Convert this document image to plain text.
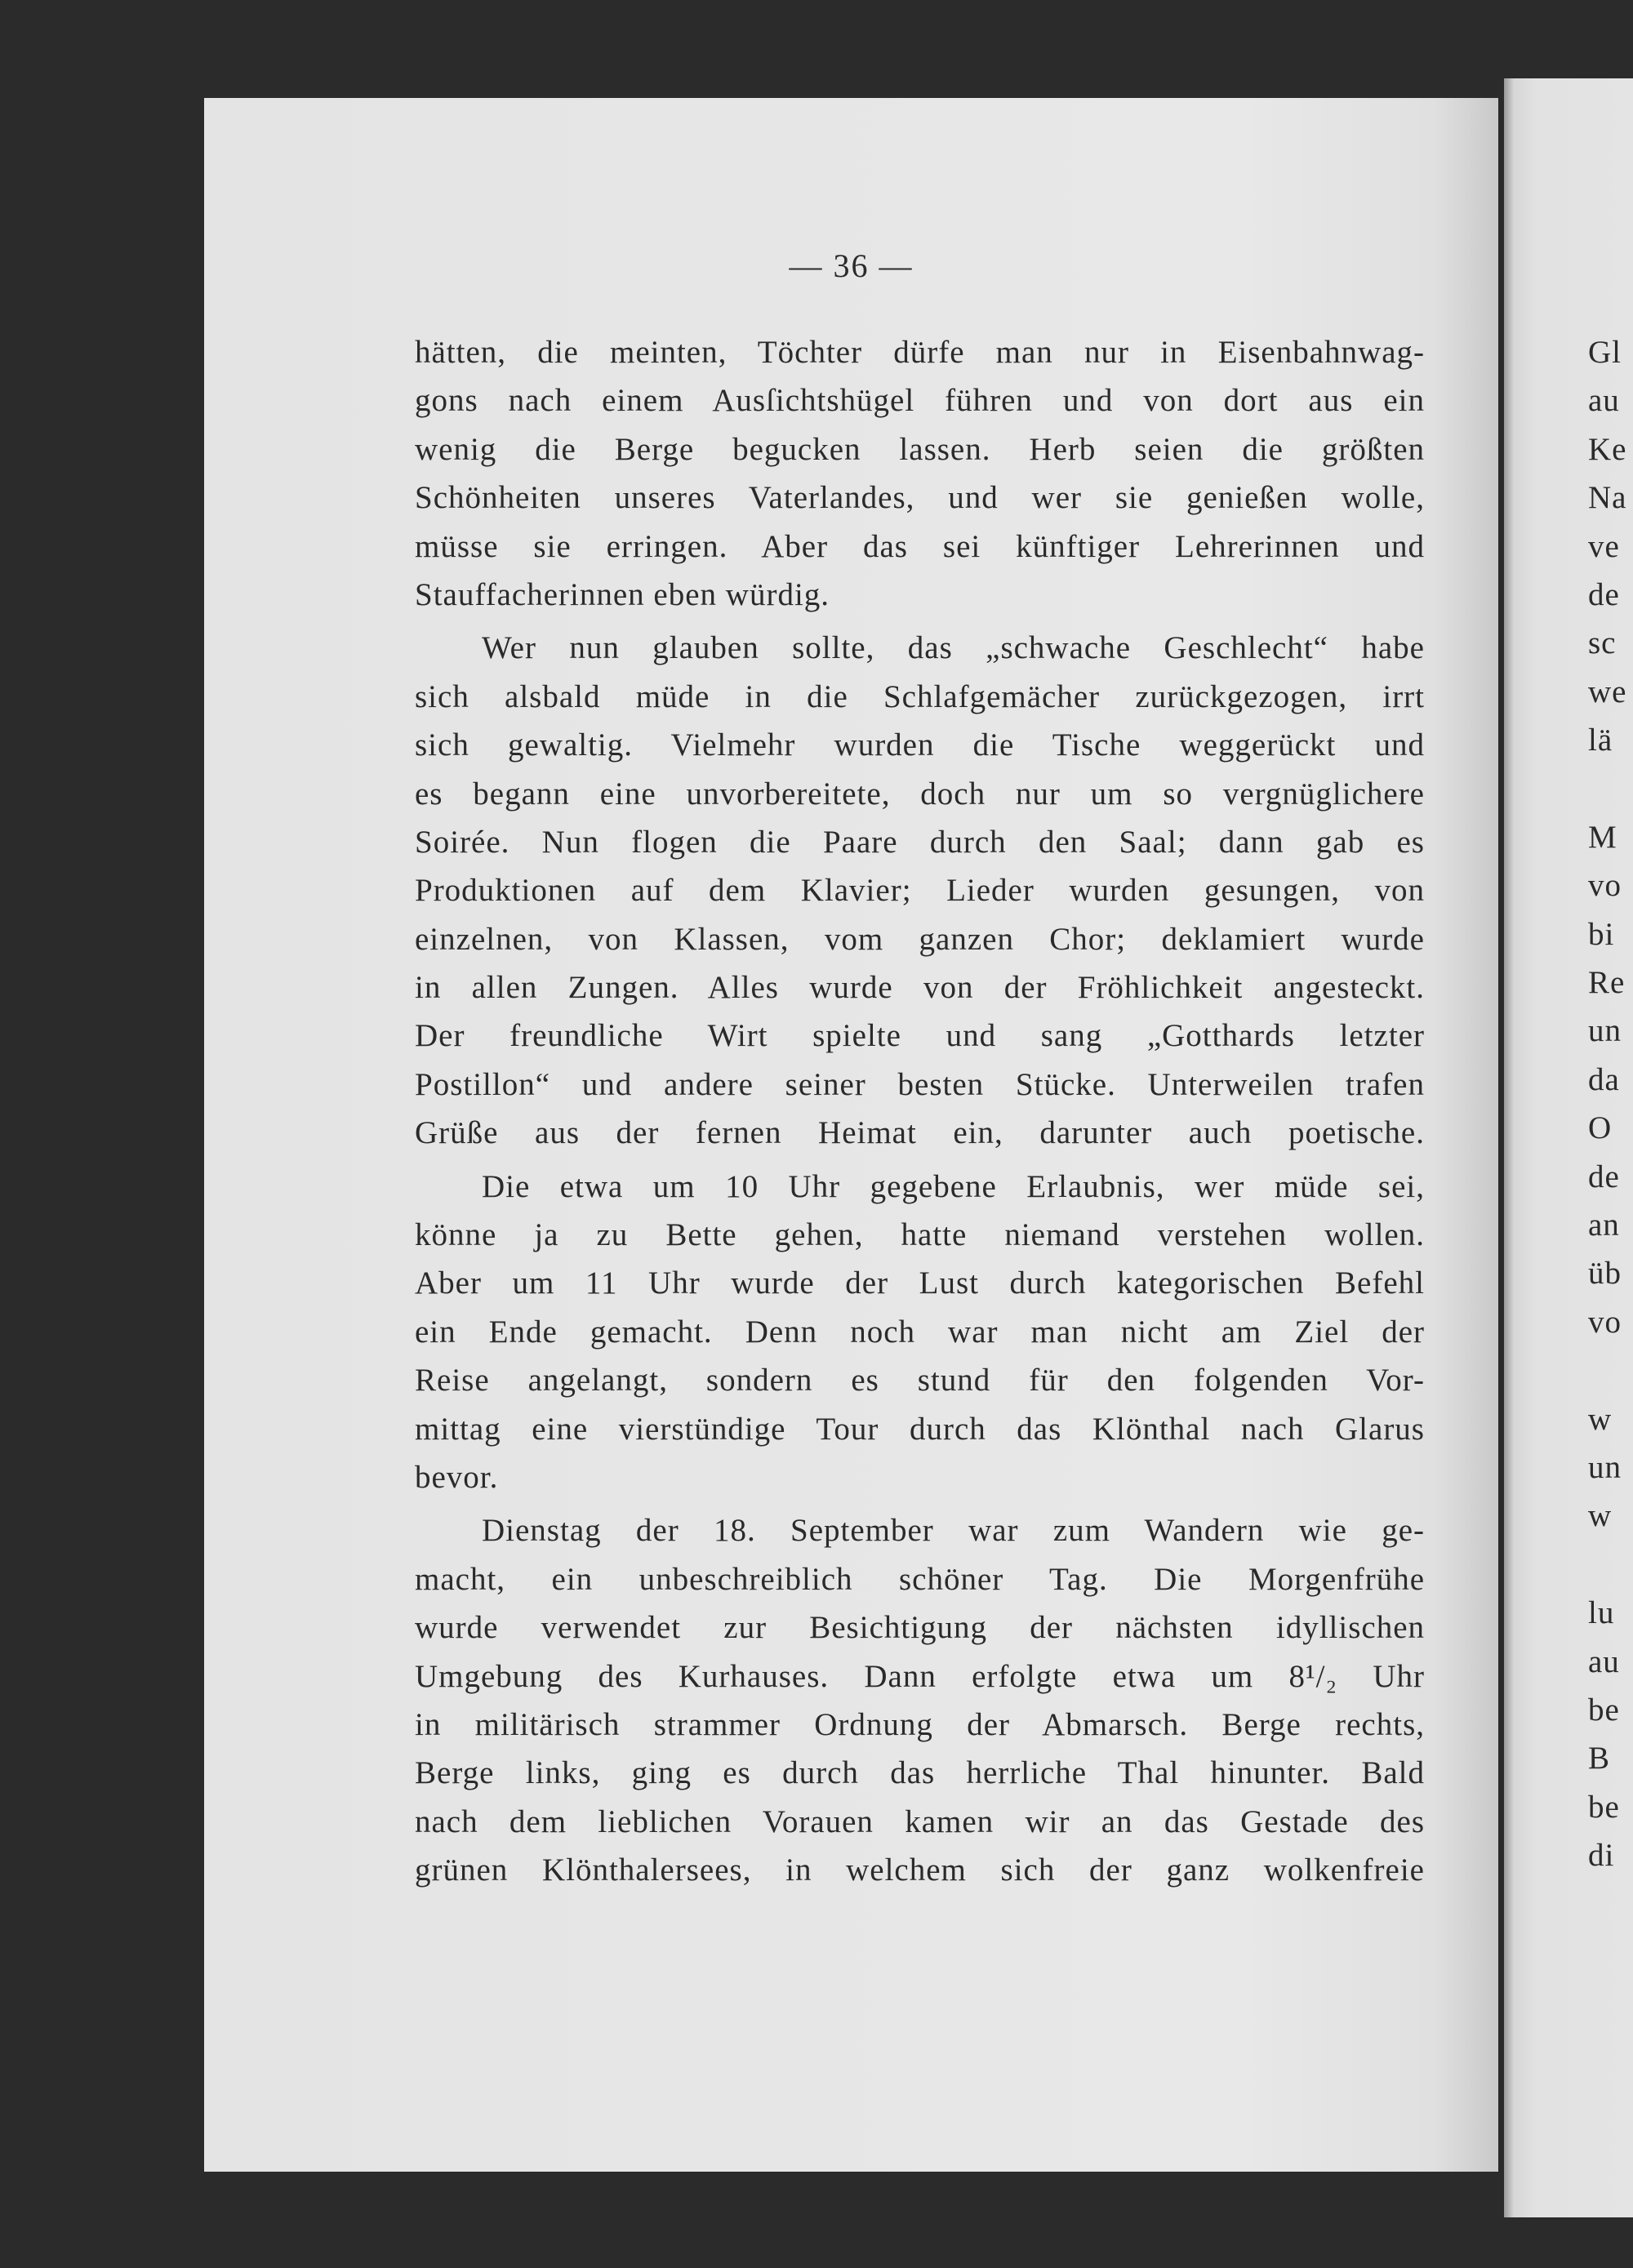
— 36 —
hätten, die meinten, Töchter dürfe man nur in Eisenbahnwag-
gons nach einem Ausſichtshügel führen und von dort aus ein
wenig die Berge begucken lassen. Herb seien die größten
Schönheiten unseres Vaterlandes, und wer sie genießen wolle,
müsse sie erringen. Aber das sei künftiger Lehrerinnen und
Stauffacherinnen eben würdig.
Wer nun glauben sollte, das „schwache Geschlecht“ habe
sich alsbald müde in die Schlafgemächer zurückgezogen, irrt
sich gewaltig. Vielmehr wurden die Tische weggerückt und
es begann eine unvorbereitete, doch nur um so vergnüglichere
Soirée. Nun flogen die Paare durch den Saal; dann gab es
Produktionen auf dem Klavier; Lieder wurden gesungen, von
einzelnen, von Klassen, vom ganzen Chor; deklamiert wurde
in allen Zungen. Alles wurde von der Fröhlichkeit angesteckt.
Der freundliche Wirt spielte und sang „Gotthards letzter
Postillon“ und andere seiner besten Stücke. Unterweilen trafen
Grüße aus der fernen Heimat ein, darunter auch poetische.
Die etwa um 10 Uhr gegebene Erlaubnis, wer müde sei,
könne ja zu Bette gehen, hatte niemand verstehen wollen.
Aber um 11 Uhr wurde der Lust durch kategorischen Befehl
ein Ende gemacht. Denn noch war man nicht am Ziel der
Reise angelangt, sondern es stund für den folgenden Vor-
mittag eine vierstündige Tour durch das Klönthal nach Glarus
bevor.
Dienstag der 18. September war zum Wandern wie ge-
macht, ein unbeschreiblich schöner Tag. Die Morgenfrühe
wurde verwendet zur Besichtigung der nächsten idyllischen
Umgebung des Kurhauses. Dann erfolgte etwa um 8¹/₂ Uhr
in militärisch strammer Ordnung der Abmarsch. Berge rechts,
Berge links, ging es durch das herrliche Thal hinunter. Bald
nach dem lieblichen Vorauen kamen wir an das Gestade des
grünen Klönthalersees, in welchem sich der ganz wolkenfreie
Gl
au
Ke
Na
ve
de
sc
we
lä
M
vo
bi
Re
un
da
O
de
an
üb
vo
w
un
w
lu
au
be
B
be
di
